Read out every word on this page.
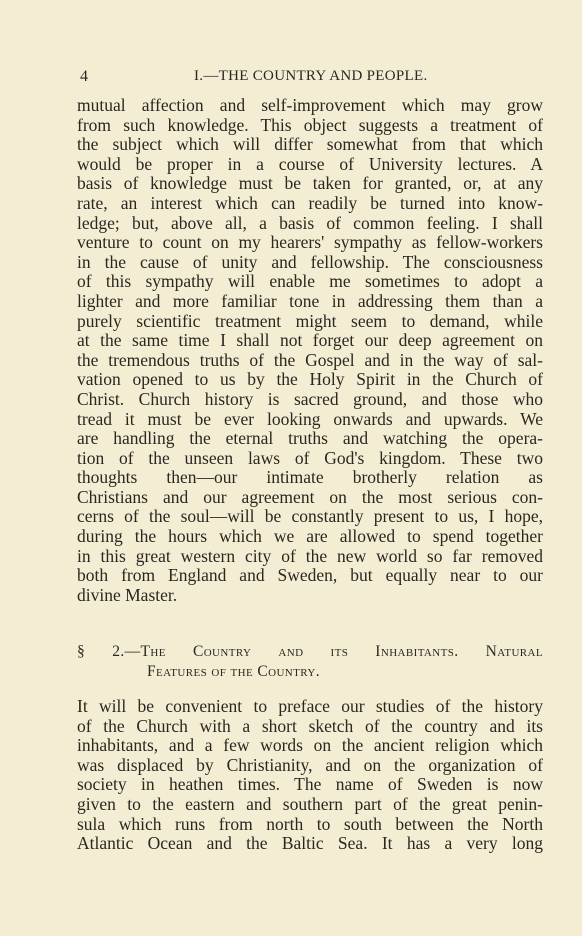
4	I.—THE COUNTRY AND PEOPLE.
mutual affection and self-improvement which may grow
from such knowledge. This object suggests a treatment of
the subject which will differ somewhat from that which
would be proper in a course of University lectures. A
basis of knowledge must be taken for granted, or, at any
rate, an interest which can readily be turned into know-
ledge; but, above all, a basis of common feeling. I shall
venture to count on my hearers' sympathy as fellow-workers
in the cause of unity and fellowship. The consciousness
of this sympathy will enable me sometimes to adopt a
lighter and more familiar tone in addressing them than a
purely scientific treatment might seem to demand, while
at the same time I shall not forget our deep agreement on
the tremendous truths of the Gospel and in the way of sal-
vation opened to us by the Holy Spirit in the Church of
Christ. Church history is sacred ground, and those who
tread it must be ever looking onwards and upwards. We
are handling the eternal truths and watching the opera-
tion of the unseen laws of God's kingdom. These two
thoughts then—our intimate brotherly relation as
Christians and our agreement on the most serious con-
cerns of the soul—will be constantly present to us, I hope,
during the hours which we are allowed to spend together
in this great western city of the new world so far removed
both from England and Sweden, but equally near to our
divine Master.
§ 2.—The Country and its Inhabitants. Natural
Features of the Country.
It will be convenient to preface our studies of the history
of the Church with a short sketch of the country and its
inhabitants, and a few words on the ancient religion which
was displaced by Christianity, and on the organization of
society in heathen times. The name of Sweden is now
given to the eastern and southern part of the great penin-
sula which runs from north to south between the North
Atlantic Ocean and the Baltic Sea. It has a very long
